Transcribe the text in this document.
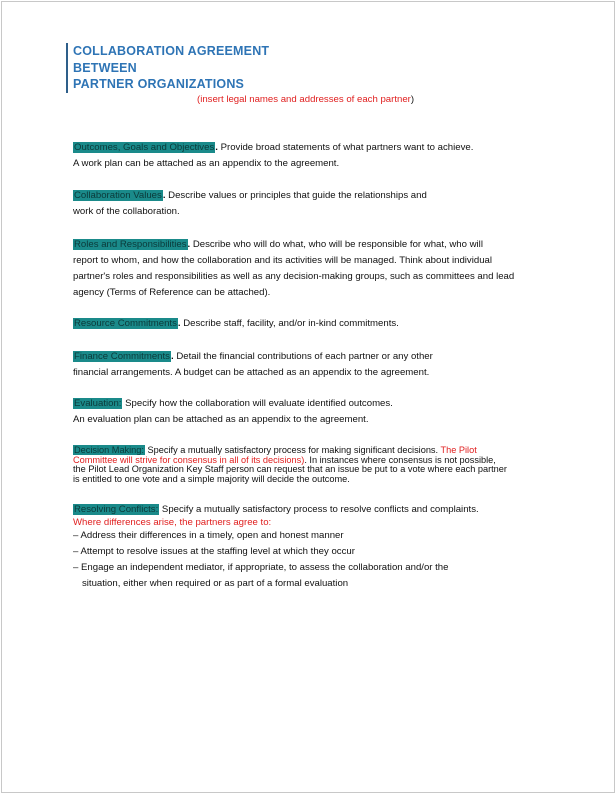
COLLABORATION AGREEMENT
BETWEEN
PARTNER ORGANIZATIONS
(insert legal names and addresses of each partner)
Outcomes, Goals and Objectives. Provide broad statements of what partners want to achieve.
A work plan can be attached as an appendix to the agreement.
Collaboration Values. Describe values or principles that guide the relationships and
work of the collaboration.
Roles and Responsibilities. Describe who will do what, who will be responsible for what, who will
report to whom, and how the collaboration and its activities will be managed. Think about individual
partner's roles and responsibilities as well as any decision-making groups, such as committees and lead
agency (Terms of Reference can be attached).
Resource Commitments. Describe staff, facility, and/or in-kind commitments.
Finance Commitments. Detail the financial contributions of each partner or any other
financial arrangements. A budget can be attached as an appendix to the agreement.
Evaluation: Specify how the collaboration will evaluate identified outcomes.
An evaluation plan can be attached as an appendix to the agreement.
Decision Making: Specify a mutually satisfactory process for making significant decisions. The Pilot
Committee will strive for consensus in all of its decisions). In instances where consensus is not possible,
the Pilot Lead Organization Key Staff person can request that an issue be put to a vote where each partner
is entitled to one vote and a simple majority will decide the outcome.
Resolving Conflicts: Specify a mutually satisfactory process to resolve conflicts and complaints.
Where differences arise, the partners agree to:
– Address their differences in a timely, open and honest manner
– Attempt to resolve issues at the staffing level at which they occur
– Engage an independent mediator, if appropriate, to assess the collaboration and/or the
situation, either when required or as part of a formal evaluation
